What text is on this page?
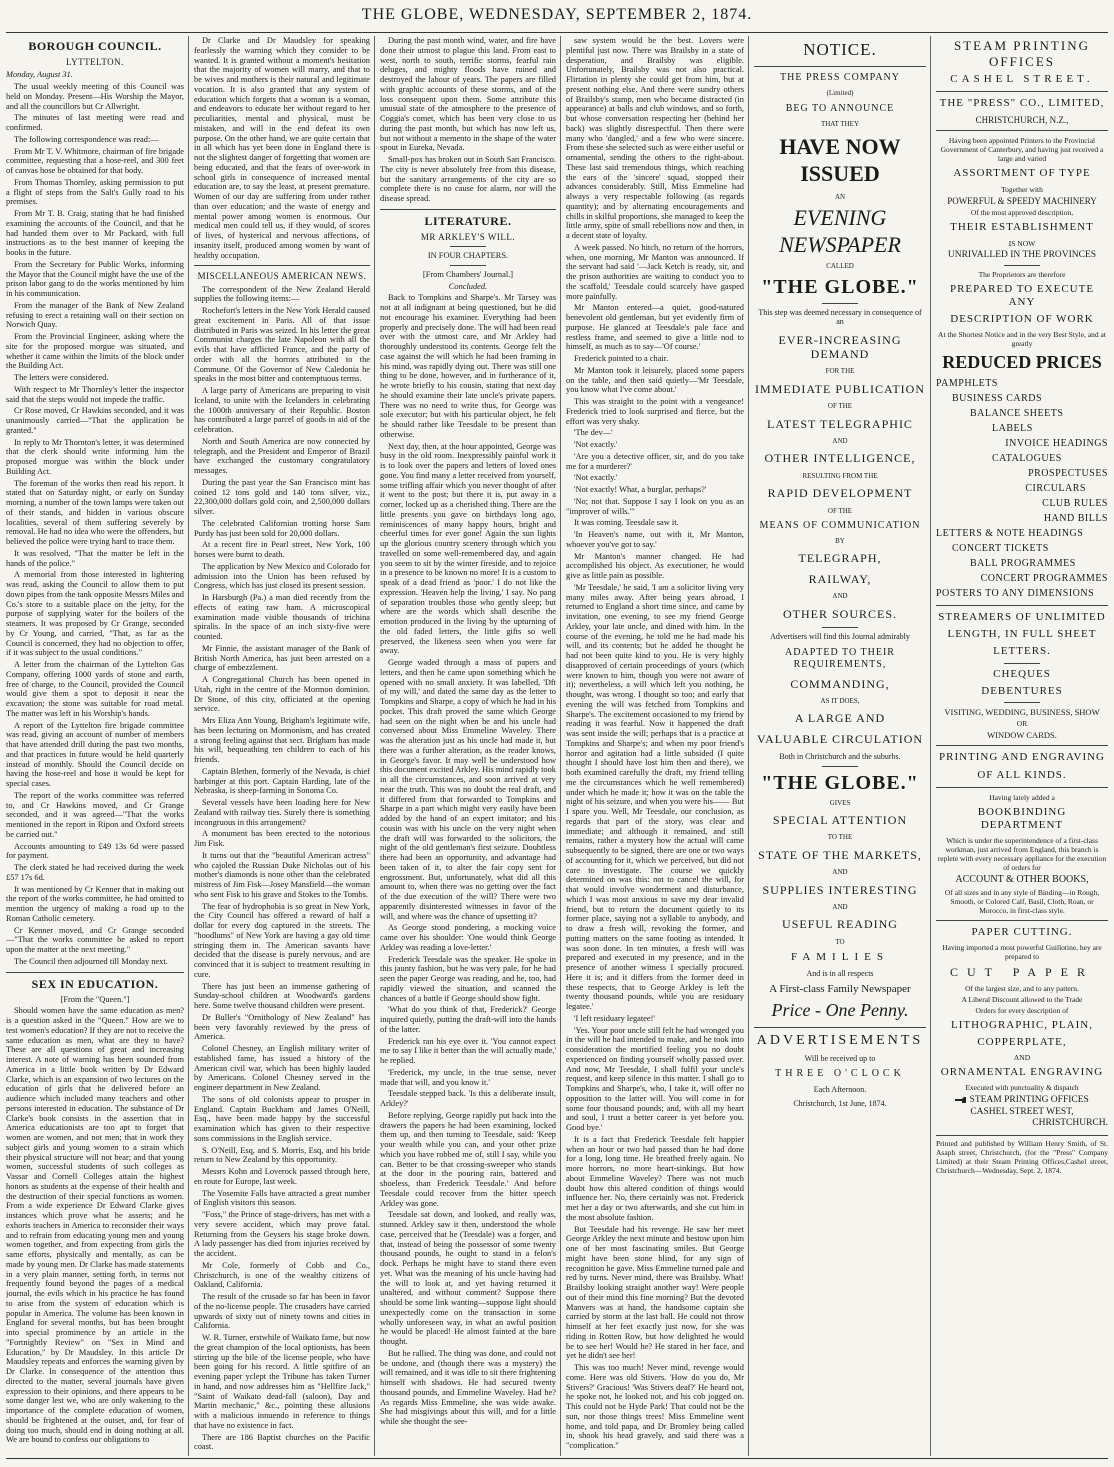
THE GLOBE, WEDNESDAY, SEPTEMBER 2, 1874.
BOROUGH COUNCIL.
LYTTELTON.

Monday, August 31.

The usual weekly meeting of this Council was held on Monday. Present—His Worship the Mayor, and all the councillors but Cr Allwright.

The minutes of last meeting were read and confirmed.

The following correspondence was read:—

From Mr T. V. Whitmore, chairman of fire brigade committee, requesting that a hose-reel, and 300 feet of canvas hose be obtained for that body.

From Thomas Thornley, asking permission to put a flight of steps from the Salt's Gully road to his premises.

From Mr T. B. Craig, stating that he had finished examining the accounts of the Council, and that he had handed them over to Mr Packard, with full instructions as to the best manner of keeping the books in the future.

From the Secretary for Public Works, informing the Mayor that the Council might have the use of the prison labor gang to do the works mentioned by him in his communication.

From the manager of the Bank of New Zealand refusing to erect a retaining wall on their section on Norwich Quay.

From the Provincial Engineer, asking where the site for the proposed morgue was situated, and whether it came within the limits of the block under the Building Act.

The letters were considered.

With respect to Mr Thornley's letter the inspector said that the steps would not impede the traffic.

Cr Rose moved, Cr Hawkins seconded, and it was unanimously carried—"That the application be granted."

In reply to Mr Thornton's letter, it was determined that the clerk should write informing him the proposed morgue was within the block under Building Act.

The foreman of the works then read his report. It stated that on Saturday night, or early on Sunday morning, a number of the town lamps were taken out of their stands, and hidden in various obscure localities, several of them suffering severely by removal. He had no idea who were the offenders, but believed the police were trying hard to trace them.

It was resolved, "That the matter be left in the hands of the police."

A memorial from those interested in lightering was read, asking the Council to allow them to put down pipes from the tank opposite Messrs Miles and Co.'s store to a suitable place on the jetty, for the purpose of supplying water for the boilers of the steamers. It was proposed by Cr Grange, seconded by Cr Young, and carried, "That, as far as the Council is concerned, they had no objection to offer, if it was subject to the usual conditions."

A letter from the chairman of the Lyttelton Gas Company, offering 1000 yards of stone and earth, free of charge, to the Council, provided the Council would give them a spot to deposit it near the excavation; the stone was suitable for road metal. The matter was left in his Worship's hands.

A report of the Lyttelton fire brigade committee was read, giving an account of number of members that have attended drill during the past two months, and that practices in future would be held quarterly instead of monthly. Should the Council decide on having the hose-reel and hose it would be kept for special cases.

The report of the works committee was referred to, and Cr Hawkins moved, and Cr Grange seconded, and it was agreed—"That the works mentioned in the report in Ripon and Oxford streets be carried out."

Accounts amounting to £49 13s 6d were passed for payment.

The clerk stated he had received during the week £57 17s 6d.

It was mentioned by Cr Kenner that in making out the report of the works committee, he had omitted to mention the urgency of making a road up to the Roman Catholic cemetery.

Cr Kenner moved, and Cr Grange seconded—"That the works committee be asked to report upon the matter at the next meeting."

The Council then adjourned till Monday next.

SEX IN EDUCATION.

[From the "Queen."]

Should women have the same education as men? is a question asked in the "Queen." How are we to test women's education? If they are not to receive the same education as men, what are they to have? These are all questions of great and increasing interest. A note of warning has been sounded from America in a little book written by Dr Edward Clarke, which is an expansion of two lectures on the education of girls that he delivered before an audience which included many teachers and other persons interested in education. The substance of Dr Clarke's book consists in the assertion that in America educationists are too apt to forget that women are women, and not men; that in work they subject girls and young women to a strain which their physical structure will not bear; and that young women, successful students of such colleges as Vassar and Cornell Colleges attain the highest honors as students at the expense of their health and the destruction of their special functions as women. From a wide experience Dr Edward Clarke gives instances which prove what he asserts; and he exhorts teachers in America to reconsider their ways and to refrain from educating young men and young women together, and from expecting from girls the same efforts, physically and mentally, as can be made by young men. Dr Clarke has made statements in a very plain manner, setting forth, in terms not frequently found beyond the pages of a medical journal, the evils which in his practice he has found to arise from the system of education which is popular in America. The volume has been known in England for several months, but has been brought into special prominence by an article in the "Fortnightly Review" on "Sex in Mind and Education," by Dr Maudsley. In this article Dr Maudsley repeats and enforces the warning given by Dr Clarke. In consequence of the attention thus directed to the matter, several journals have given expression to their opinions, and there appears to be some danger lest we, who are only wakening to the importance of the complete education of women, should be frightened at the outset, and, for fear of doing too much, should end in doing nothing at all. We are bound to confess our obligations to

Dr Clarke and Dr Maudsley for speaking fearlessly the warning which they consider to be wanted. It is granted without a moment's hesitation that the majority of women will marry, and that to be wives and mothers is their natural and legitimate vocation. It is also granted that any system of education which forgets that a woman is a woman, and endeavors to educate her without regard to her peculiarities, mental and physical, must be mistaken, and will in the end defeat its own purpose. On the other hand, we are quite certain that in all which has yet been done in England there is not the slightest danger of forgetting that women are being educated, and that the fears of over-work in school girls in consequence of increased mental education are, to say the least, at present premature. Women of our day are suffering from under rather than over education; and the waste of energy and mental power among women is enormous. Our medical men could tell us, if they would, of scores of lives, of hysterical and nervous affections, of insanity itself, produced among women by want of healthy occupation.

MISCELLANEOUS AMERICAN NEWS.

The correspondent of the New Zealand Herald supplies the following items:—

Rochefort's letters in the New York Herald caused great excitement in Paris. All of that issue distributed in Paris was seized. In his letter the great Communist charges the late Napoleon with all the evils that have afflicted France, and the party of order with all the horrors attributed to the Commune. Of the Governor of New Caledonia he speaks in the most bitter and contemptuous terms.

A large party of Americans are preparing to visit Iceland, to unite with the Icelanders in celebrating the 1000th anniversary of their Republic. Boston has contributed a large parcel of goods in aid of the celebration.

North and South America are now connected by telegraph, and the President and Emperor of Brazil have exchanged the customary congratulatory messages.

During the past year the San Francisco mint has coined 12 tons gold and 140 tons silver, viz., 22,300,000 dollars gold coin, and 2,500,000 dollars silver.

The celebrated Californian trotting horse Sam Purdy has just been sold for 20,000 dollars.

At a recent fire in Pearl street, New York, 100 horses were burnt to death.

The application by New Mexico and Colorado for admission into the Union has been refused by Congress, which has just closed its present session.

In Harsburgh (Pa.) a man died recently from the effects of eating raw ham. A microscopical examination made visible thousands of trichina spiralis. In the space of an inch sixty-five were counted.

Mr Finnie, the assistant manager of the Bank of British North America, has just been arrested on a charge of embezzlement.

A Congregational Church has been opened in Utah, right in the centre of the Mormon dominion. Dr Stone, of this city, officiated at the opening service.

Mrs Eliza Ann Young, Brigham's legitimate wife, has been lecturing on Mormonism, and has created a strong feeling against that sect. Brigham has made his will, bequeathing ten children to each of his friends.

Captain Blethen, formerly of the Nevada, is chief harbinger at this port. Captain Harding, late of the Nebraska, is sheep-farming in Sonoma Co.

Several vessels have been loading here for New Zealand with railway ties. Surely there is something incongruous in this arrangement?

A monument has been erected to the notorious Jim Fisk.

It turns out that the "beautiful American actress" who cajoled the Russian Duke Nicholas out of his mother's diamonds is none other than the celebrated mistress of Jim Fisk—Josey Mansfield—the woman who sent Fisk to his grave and Stokes to the Tombs.

The fear of hydrophobia is so great in New York, the City Council has offered a reward of half a dollar for every dog captured in the streets. The "hoodlums" of New York are having a gay old time stringing them in. The American savants have decided that the disease is purely nervous, and are convinced that it is subject to treatment resulting in cure.

There has just been an immense gathering of Sunday-school children at Woodward's gardens here. Some twelve thousand children were present.

Dr Buller's "Ornithology of New Zealand" has been very favorably reviewed by the press of America.

Colonel Chesney, an English military writer of established fame, has issued a history of the American civil war, which has been highly lauded by Americans. Colonel Chesney served in the engineer department in New Zealand.

The sons of old colonists appear to prosper in England. Captain Buckham and James O'Neill, Esq., have been made happy by the successful examination which has given to their respective sons commissions in the English service.

S. O'Neill, Esq, and S. Morris, Esq, and his bride return to New Zealand by this opportunity.

Messrs Kohn and Loverock passed through here, en route for Europe, last week.

The Yosemite Falls have attracted a great number of English visitors this season.

"Foss," the Prince of stage-drivers, has met with a very severe accident, which may prove fatal. Returning from the Geysers his stage broke down. A lady passenger has died from injuries received by the accident.

Mr Cole, formerly of Cobb and Co., Christchurch, is one of the wealthy citizens of Oakland, California.

The result of the crusade so far has been in favor of the no-license people. The crusaders have carried upwards of sixty out of ninety towns and cities in California.

W. R. Turner, erstwhile of Waikato fame, but now the great champion of the local optionists, has been stirring up the bile of the license people, who have been going for his record. A little spitfire of an evening paper yclept the Tribune has taken Turner in hand, and now addresses him as "Hellfire Jack," "Saint of Waikato dead-fall (saloon), Day and Martin mechanic," &c., pointing these allusions with a malicious innuendo in reference to things that have no existence in fact.

There are 186 Baptist churches on the Pacific coast.

During the past month wind, water, and fire have done their utmost to plague this land. From east to west, north to south, terrific storms, fearful rain deluges, and mighty floods have ruined and destroyed the labour of years. The papers are filled with graphic accounts of these storms, and of the loss consequent upon them. Some attribute this unusual state of the atmosphere to the presence of Coggia's comet, which has been very close to us during the past month, but which has now left us, but not without a memento in the shape of the water spout in Eureka, Nevada.

Small-pox has broken out in South San Francisco. The city is never absolutely free from this disease, but the sanitary arrangements of the city are so complete there is no cause for alarm, nor will the disease spread.

LITERATURE.
MR ARKLEY'S WILL.

IN FOUR CHAPTERS.

[From Chambers' Journal.]

Concluded.

Back to Tompkins and Sharpe's. Mr Tarsey was not at all indignant at being questioned, but he did not encourage his examiner. Everything had been properly and precisely done. The will had been read over with the utmost care, and Mr Arkley had thoroughly understood its contents. George felt the case against the will which he had been framing in his mind, was rapidly dying out. There was still one thing to be done, however, and in furtherance of it, he wrote briefly to his cousin, stating that next day he should examine their late uncle's private papers. There was no need to write thus, for George was sole executor; but with his particular object, he felt he should rather like Teesdale to be present than otherwise.

Next day, then, at the hour appointed, George was busy in the old room. Inexpressibly painful work it is to look over the papers and letters of loved ones gone. You find many a letter received from yourself, some trifling affair which you never thought of after it went to the post; but there it is, put away in a corner, locked up as a cherished thing. There are the little presents you gave on birthdays long ago, reminiscences of many happy hours, bright and cheerful times for ever gone! Again the sun lights up the glorious country scenery through which you travelled on some well-remembered day, and again you seem to sit by the winter fireside, and to rejoice in a presence to be known no more! It is a custom to speak of a dead friend as 'poor.' I do not like the expression. 'Heaven help the living,' I say. No pang of separation troubles those who gently sleep; but where are the words which shall describe the emotion produced in the living by the upturning of the old faded letters, the little gifts so well preserved, the likeness seen when you were far away.

George waded through a mass of papers and letters, and then he came upon something which he opened with no small anxiety. It was labelled, 'Dft of my will,' and dated the same day as the letter to Tompkins and Sharpe, a copy of which he had in his pocket. This draft proved the same which George had seen on the night when he and his uncle had conversed about Miss Emmeline Waveley. There was the alteration just as his uncle had made it, but there was a further alteration, as the reader knows, in George's favor. It may well be understood how this document excited Arkley. His mind rapidly took in all the circumstances, and soon arrived at very near the truth. This was no doubt the real draft, and it differed from that forwarded to Tompkins and Sharpe in a part which might very easily have been added by the hand of an expert imitator; and his cousin was with his uncle on the very night when the draft will was forwarded to the solicitors, the night of the old gentleman's first seizure. Doubtless there had been an opportunity, and advantage had been taken of it, to alter the fair copy sent for engrossment. But, unfortunately, what did all this amount to, when there was no getting over the fact of the due execution of the will? There were two apparently disinterested witnesses in favor of the will, and where was the chance of upsetting it?

As George stood pondering, a mocking voice came over his shoulder: 'One would think George Arkley was reading a love-letter.'

Frederick Teesdale was the speaker. He spoke in this jaunty fashion, but he was very pale, for he had seen the paper George was reading, and he, too, had rapidly viewed the situation, and scanned the chances of a battle if George should show fight.

'What do you think of that, Frederick?' George inquired quietly, putting the draft-will into the hands of the latter.

Frederick ran his eye over it. 'You cannot expect me to say I like it better than the will actually made,' he replied.

'Frederick, my uncle, in the true sense, never made that will, and you know it.'

Teesdale stepped back. 'Is this a deliberate insult, Arkley?'

Before replying, George rapidly put back into the drawers the papers he had been examining, locked them up, and then turning to Teesdale, said: 'Keep your wealth while you can, and your other prize which you have robbed me of, still I say, while you can. Better to be that crossing-sweeper who stands at the door in the pouring rain, battered and shoeless, than Frederick Teesdale.' And before Teesdale could recover from the bitter speech Arkley was gone.

Teesdale sat down, and looked, and really was, stunned. Arkley saw it then, understood the whole case, perceived that he (Teesdale) was a forger, and that, instead of being the possessor of some twenty thousand pounds, he ought to stand in a felon's dock. Perhaps he might have to stand there even yet. What was the meaning of his uncle having had the will to look at, and yet having returned it unaltered, and without comment? Suppose there should be some link wanting—suppose light should unexpectedly come on the transaction in some wholly unforeseen way, in what an awful position he would be placed! He almost fainted at the bare thought.

But he rallied. The thing was done, and could not be undone, and (though there was a mystery) the will remained, and it was idle to sit there frightening himself with shadows. He had secured twenty thousand pounds, and Emmeline Waveley. Had he? As regards Miss Emmeline, she was wide awake. She had misgivings about this will, and for a little while she thought the see-

saw system would be the best. Lovers were plentiful just now. There was Brailsby in a state of desperation, and Brailsby was eligible. Unfortunately, Brailsby was not also practical. Flirtation in plenty she could get from him, but at present nothing else. And there were sundry others of Brailsby's stamp, men who became distracted (in appearance) at balls and club windows, and so forth, but whose conversation respecting her (behind her back) was slightly disrespectful. Then there were many who 'dangled,' and a few who were sincere. From these she selected such as were either useful or ornamental, sending the others to the right-about. These last said tremendous things, which reaching the ears of the 'sincere' squad, stopped their advances considerably. Still, Miss Emmeline had always a very respectable following (as regards quantity); and by alternating encouragements and chills in skilful proportions, she managed to keep the little army, spite of small rebellions now and then, in a decent state of loyalty.

A week passed. No hitch, no return of the horrors, when, one morning, Mr Manton was announced. If the servant had said '—Jack Ketch is ready, sir, and the prison authorities are waiting to conduct you to the scaffold,' Teesdale could scarcely have gasped more painfully.

Mr Manton entered—a quiet, good-natured benevolent old gentleman, but yet evidently firm of purpose. He glanced at Teesdale's pale face and restless frame, and seemed to give a little nod to himself, as much as to say—'Of course.'

Frederick pointed to a chair.

Mr Manton took it leisurely, placed some papers on the table, and then said quietly—'Mr Teesdale, you know what I've come about.'

This was straight to the point with a vengeance! Frederick tried to look surprised and fierce, but the effort was very shaky.

'The dev—'

'Not exactly.'

'Are you a detective officer, sir, and do you take me for a murderer?'

'Not exactly.'

'Not exactly! What, a burglar, perhaps?'

'No; not that. Suppose I say I look on you as an "improver of wills."'

It was coming. Teesdale saw it.

'In Heaven's name, out with it, Mr Manton, whoever you've got to say.'

Mr Manton's manner changed. He had accomplished his object. As executioner, he would give as little pain as possible.

'Mr Teesdale,' he said, 'I am a solicitor living very many miles away. After being years abroad, I returned to England a short time since, and came by invitation, one evening, to see my friend George Arkley, your late uncle, and dined with him. In the course of the evening, he told me he had made his will, and its contents; but he added he thought he had not been quite kind to you. He is very highly disapproved of certain proceedings of yours (which were known to him, though you were not aware of it); nevertheless, a will which left you nothing, he thought, was wrong. I thought so too; and early that evening the will was fetched from Tompkins and Sharpe's. The excitement occasioned to my friend by reading it was fearful. Now it happened the draft was sent inside the will; perhaps that is a practice at Tompkins and Sharpe's; and when my poor friend's horror and agitation had a little subsided (I quite thought I should have lost him then and there), we both examined carefully the draft, my friend telling me the circumstances which he well remembered) under which he made it; how it was on the table the night of his seizure, and when you were his—— But I spare you. Well, Mr Teesdale, our conclusion, as regards that part of the story, was clear and immediate; and although it remained, and still remains, rather a mystery how the actual will came subsequently to be signed, there are one or two ways of accounting for it, which we perceived, but did not care to investigate. The course we quickly determined on was this: not to cancel the will, for that would involve wonderment and disturbance, which I was most anxious to save my dear invalid friend, but to return the document quietly to its former place, saying not a syllable to anybody, and to draw a fresh will, revoking the former, and putting matters on the same footing as intended. It was soon done. In ten minutes, a fresh will was prepared and executed in my presence, and in the presence of another witness I specially procured. Here it is; and it differs from the former deed in these respects, that to George Arkley is left the twenty thousand pounds, while you are residuary legatee.'

'I left residuary legatee!'

'Yes. Your poor uncle still felt he had wronged you in the will he had intended to make, and he took into consideration the mortified feeling you no doubt experienced on finding yourself wholly passed over. And now, Mr Teesdale, I shall fulfil your uncle's request, and keep silence in this matter. I shall go to Tompkins and Sharpe's, who, I take it, will offer no opposition to the latter will. You will come in for some four thousand pounds; and, with all my heart and soul, I trust a better career is yet before you. Good bye.'

It is a fact that Frederick Teesdale felt happier when an hour or two had passed than he had done for a long, long time. He breathed freely again. No more horrors, no more heart-sinkings. But how about Emmeline Waveley? There was not much doubt how this altered condition of things would influence her. No, there certainly was not. Frederick met her a day or two afterwards, and she cut him in the most absolute fashion.

But Teesdale had his revenge. He saw her meet George Arkley the next minute and bestow upon him one of her most fascinating smiles. But George might have been stone blind, for any sign of recognition he gave. Miss Emmeline turned pale and red by turns. Never mind, there was Brailsby. What! Brailsby looking straight another way! Were people out of their mind this fine morning? But the devoted Manvers was at hand, the handsome captain she carried by storm at the last ball. He could not throw himself at her feet exactly just now, for she was riding in Rotten Row, but how delighted he would be to see her! Would he? He stared in her face, and yet he didn't see her!

This was too much! Never mind, revenge would come. Here was old Stivers. 'How do you do, Mr Stivers?' Gracious! 'Was Stivers deaf?' He heard not, he spoke not, he looked not, and his cob jogged on. This could not be Hyde Park! That could not be the sun, nor those things trees! Miss Emmeline went home, and told papa, and Dr Bromley being called in, shook his head gravely, and said there was a "complication."

NOTICE.
THE PRESS COMPANY
(Limited)
BEG TO ANNOUNCE
THAT THEY
HAVE NOW ISSUED
AN
EVENING NEWSPAPER
CALLED
"THE GLOBE."
This step was deemed necessary in consequence of an
EVER-INCREASING DEMAND
FOR THE
IMMEDIATE PUBLICATION
OF THE
LATEST TELEGRAPHIC
AND
OTHER INTELLIGENCE,
RESULTING FROM THE
RAPID DEVELOPMENT
OF THE
MEANS OF COMMUNICATION
BY
TELEGRAPH,
RAILWAY,
AND
OTHER SOURCES.
Advertisers will find this Journal admirably
ADAPTED TO THEIR REQUIREMENTS,
COMMANDING,
AS IT DOES,
A LARGE AND
VALUABLE CIRCULATION
Both in Christchurch and the suburbs.
"THE GLOBE."
GIVES
SPECIAL ATTENTION
TO THE
STATE OF THE MARKETS,
AND
SUPPLIES INTERESTING
AND
USEFUL READING
TO
FAMILIES
And is in all respects
A First-class Family Newspaper
Price - One Penny.
ADVERTISEMENTS
Will be received up to
THREE O'CLOCK
Each Afternoon.
Christchurch, 1st June, 1874.
STEAM PRINTING OFFICES
CASHEL STREET.
THE "PRESS" CO., LIMITED,
CHRISTCHURCH, N.Z.,
Having been appointed Printers to the Provincial Government of Canterbury, and having just received a large and varied
ASSORTMENT OF TYPE
Together with
POWERFUL & SPEEDY MACHINERY
Of the most approved description,
THEIR ESTABLISHMENT
IS NOW
UNRIVALLED IN THE PROVINCES
The Proprietors are therefore
PREPARED TO EXECUTE ANY
DESCRIPTION OF WORK
At the Shortest Notice and in the very Best Style, and at greatly
REDUCED PRICES
PAMPHLETS
BUSINESS CARDS
BALANCE SHEETS
LABELS
INVOICE HEADINGS
CATALOGUES
PROSPECTUSES
CIRCULARS
CLUB RULES
HAND BILLS
LETTERS & NOTE HEADINGS
CONCERT TICKETS
BALL PROGRAMMES
CONCERT PROGRAMMES
POSTERS TO ANY DIMENSIONS
STREAMERS OF UNLIMITED
LENGTH, IN FULL SHEET
LETTERS.
CHEQUES
DEBENTURES
VISITING, WEDDING, BUSINESS, SHOW
OR
WINDOW CARDS.
PRINTING AND ENGRAVING
OF ALL KINDS.
Having lately added a
BOOKBINDING DEPARTMENT
Which is under the superintendence of a first-class workman, just arrived from England, this branch is replete with every necessary appliance for the execution of orders for
ACCOUNT & OTHER BOOKS,
Of all sizes and in any style of Binding—in Rough, Smooth, or Colored Calf, Basil, Cloth, Roan, or Morocco, in first-class style.
PAPER CUTTING.
Having imported a most powerful Guillotine, hey are prepared to
CUT PAPER
Of the largest size, and to any pattern.
A Liberal Discount allowed to the Trade
Orders for every description of
LITHOGRAPHIC, PLAIN,
COPPERPLATE,
AND
ORNAMENTAL ENGRAVING
Executed with punctuality & dispatch
STEAM PRINTING OFFICES
CASHEL STREET WEST,
CHRISTCHURCH.
Printed and published by William Henry Smith, of St. Asaph street, Christchurch, (for the "Press" Company Limited) at their Steam Printing Offices,Cashel street, Christchurch—Wednesday, Sept. 2, 1874.
